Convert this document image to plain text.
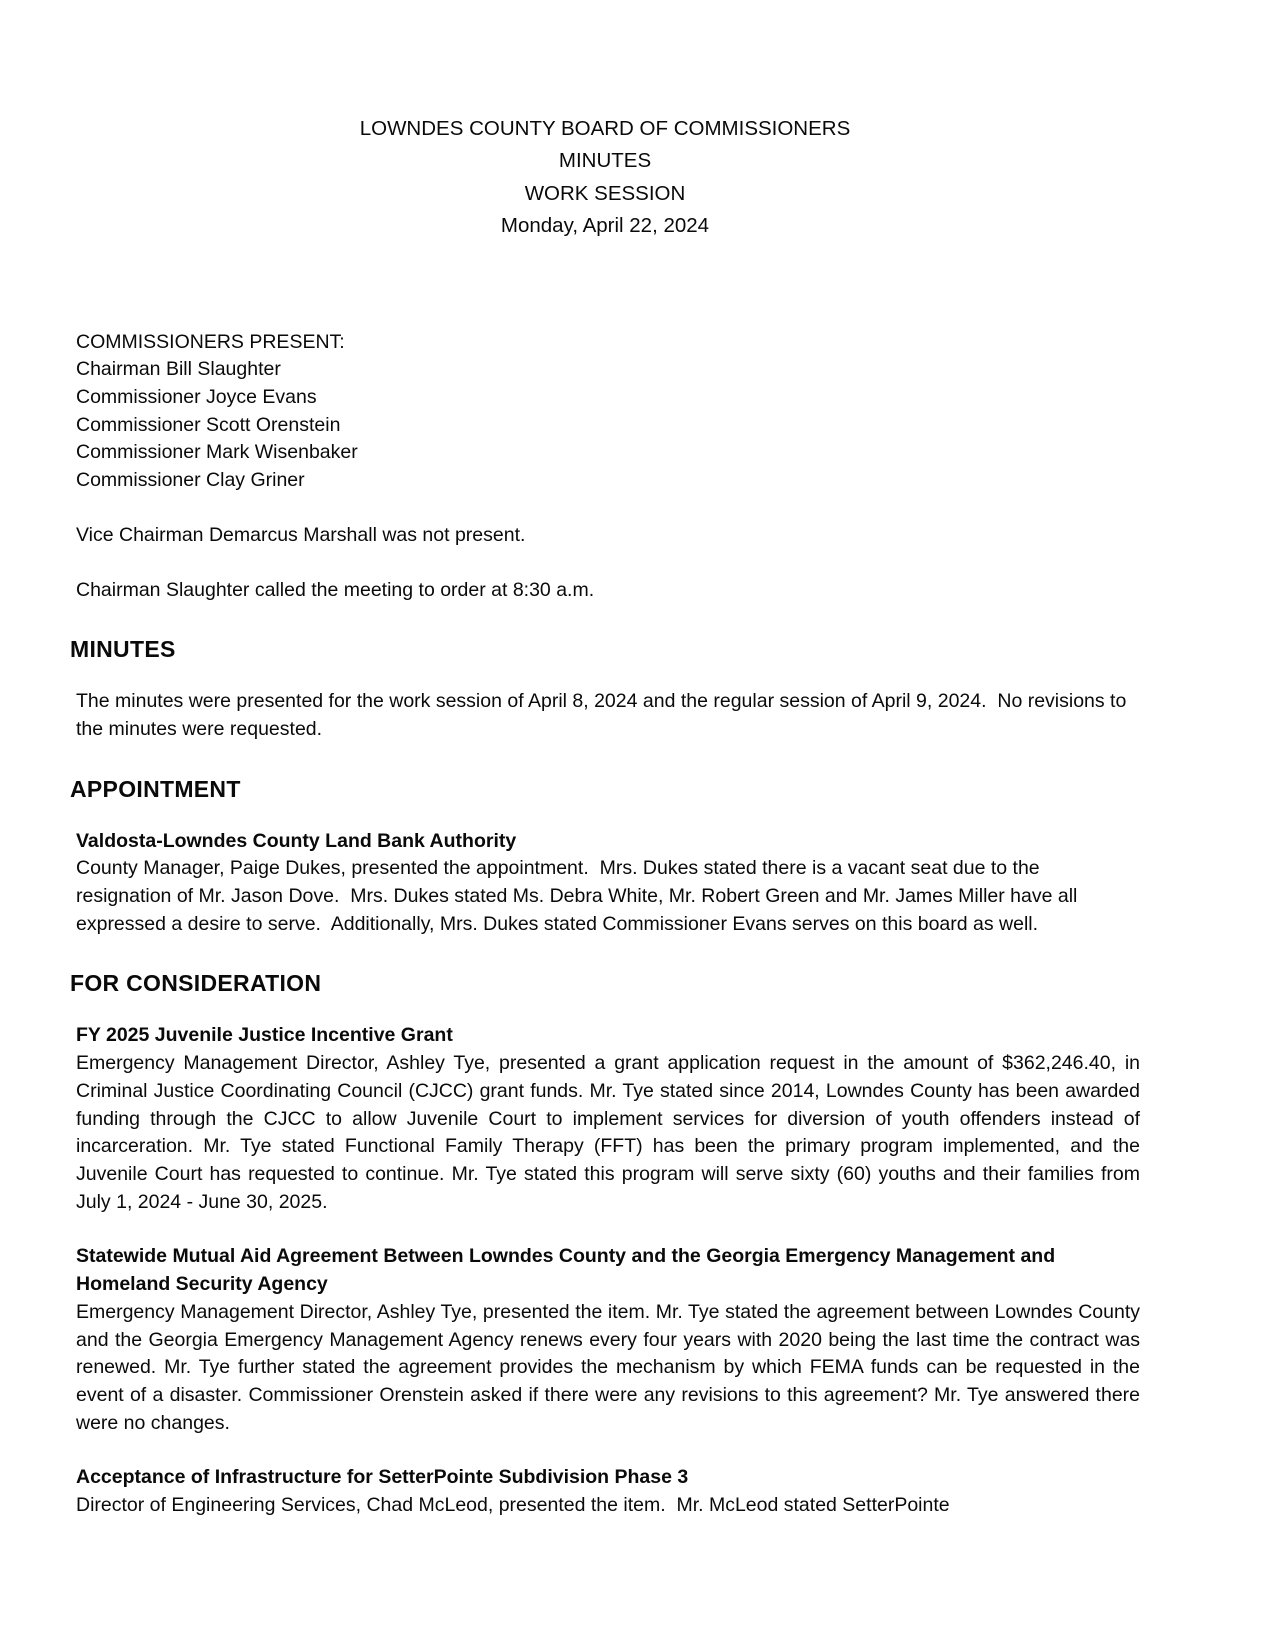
LOWNDES COUNTY BOARD OF COMMISSIONERS
MINUTES
WORK SESSION
Monday, April 22, 2024
COMMISSIONERS PRESENT:
Chairman Bill Slaughter
Commissioner Joyce Evans
Commissioner Scott Orenstein
Commissioner Mark Wisenbaker
Commissioner Clay Griner

Vice Chairman Demarcus Marshall was not present.

Chairman Slaughter called the meeting to order at 8:30 a.m.

MINUTES

The minutes were presented for the work session of April 8, 2024 and the regular session of April 9, 2024.  No revisions to the minutes were requested.

APPOINTMENT
Valdosta-Lowndes County Land Bank Authority

County Manager, Paige Dukes, presented the appointment.  Mrs. Dukes stated there is a vacant seat due to the resignation of Mr. Jason Dove.  Mrs. Dukes stated Ms. Debra White, Mr. Robert Green and Mr. James Miller have all expressed a desire to serve.  Additionally, Mrs. Dukes stated Commissioner Evans serves on this board as well.

FOR CONSIDERATION
FY 2025 Juvenile Justice Incentive Grant

Emergency Management Director, Ashley Tye, presented a grant application request in the amount of $362,246.40, in Criminal Justice Coordinating Council (CJCC) grant funds. Mr. Tye stated since 2014, Lowndes County has been awarded funding through the CJCC to allow Juvenile Court to implement services for diversion of youth offenders instead of incarceration. Mr. Tye stated Functional Family Therapy (FFT) has been the primary program implemented, and the Juvenile Court has requested to continue. Mr. Tye stated this program will serve sixty (60) youths and their families from July 1, 2024 - June 30, 2025.

Statewide Mutual Aid Agreement Between Lowndes County and the Georgia Emergency Management and Homeland Security Agency

Emergency Management Director, Ashley Tye, presented the item. Mr. Tye stated the agreement between Lowndes County and the Georgia Emergency Management Agency renews every four years with 2020 being the last time the contract was renewed. Mr. Tye further stated the agreement provides the mechanism by which FEMA funds can be requested in the event of a disaster. Commissioner Orenstein asked if there were any revisions to this agreement? Mr. Tye answered there were no changes.

Acceptance of Infrastructure for SetterPointe Subdivision Phase 3

Director of Engineering Services, Chad McLeod, presented the item.  Mr. McLeod stated SetterPointe
